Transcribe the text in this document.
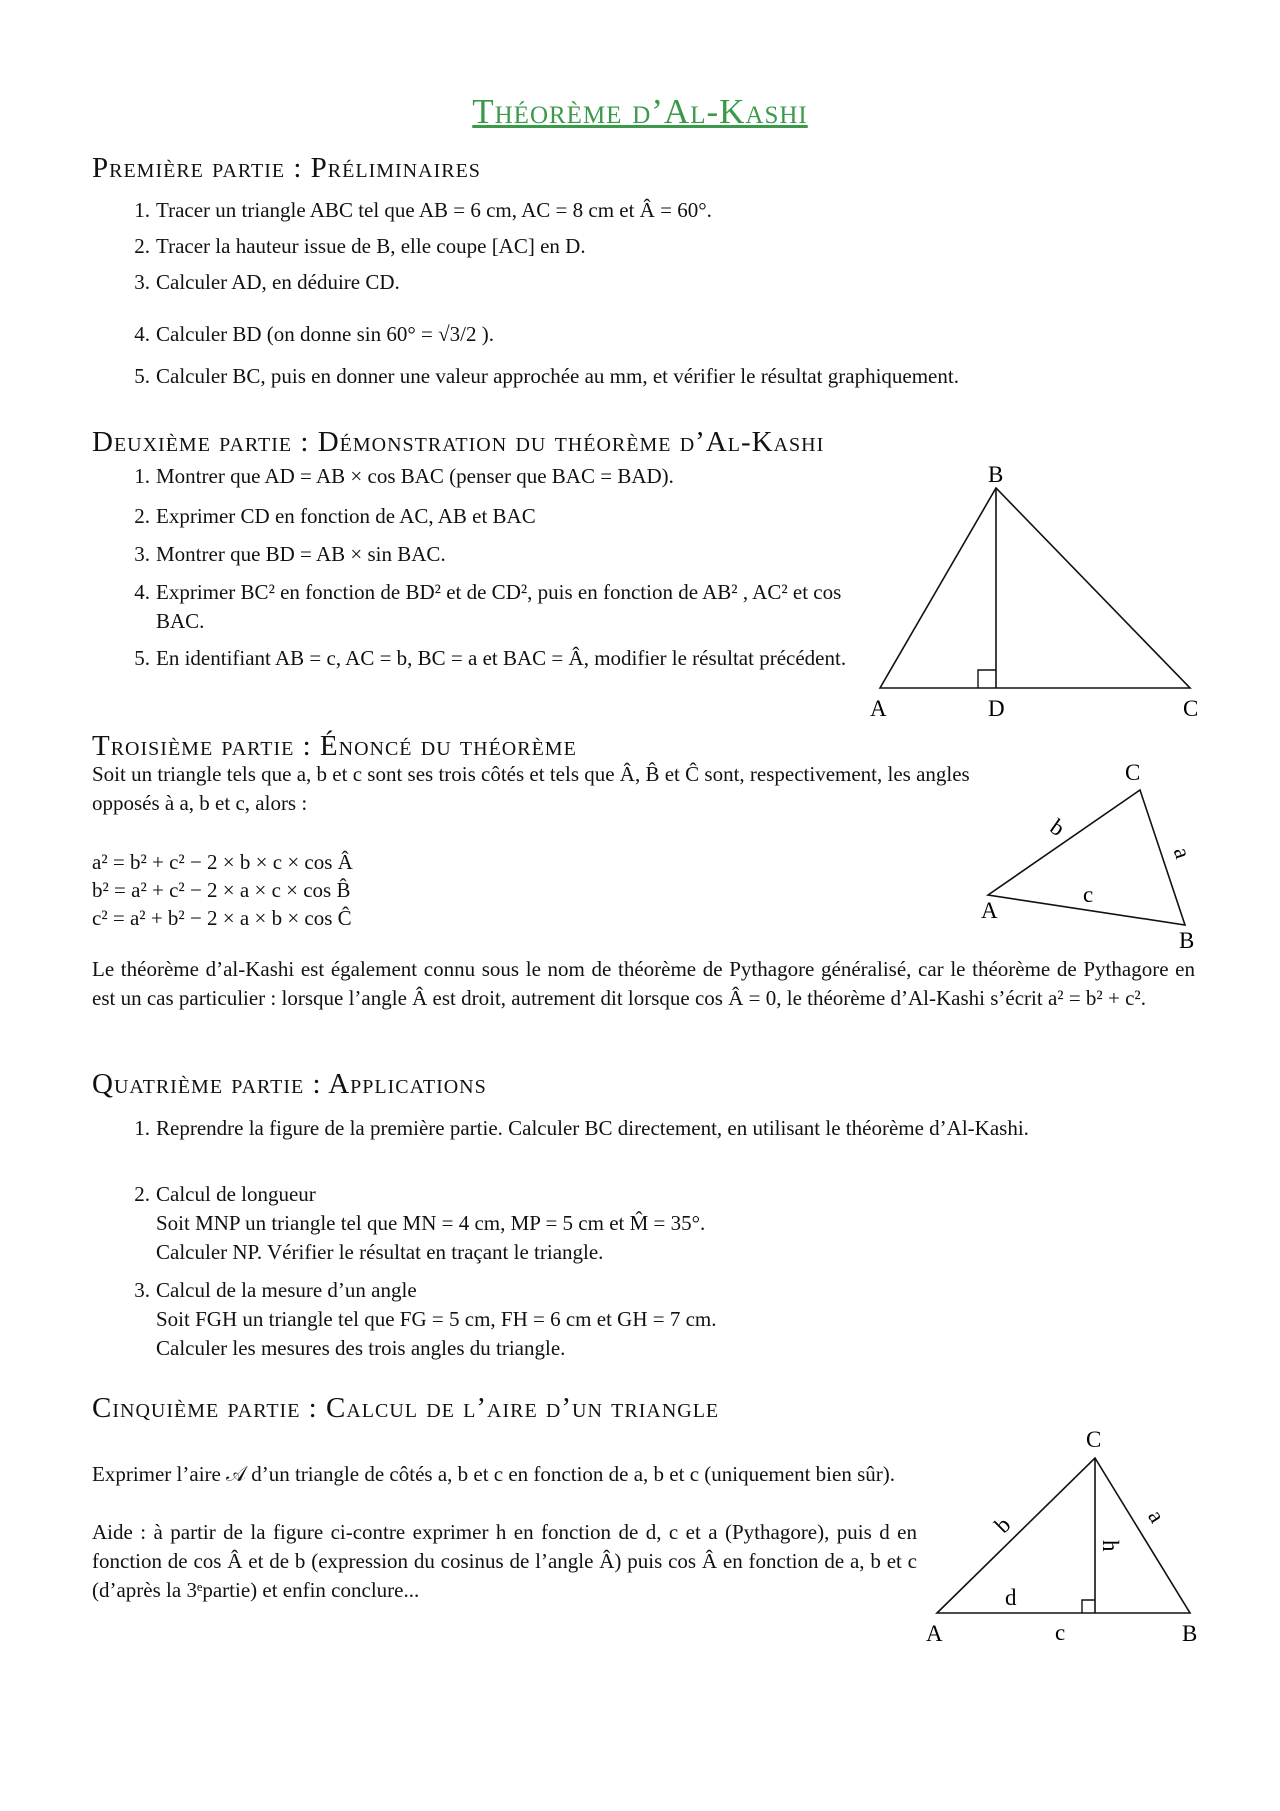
Théorème d’Al-Kashi
Première partie : Préliminaires
1. Tracer un triangle ABC tel que AB = 6 cm, AC = 8 cm et Â = 60°.
2. Tracer la hauteur issue de B, elle coupe [AC] en D.
3. Calculer AD, en déduire CD.
4. Calculer BD (on donne sin 60° = √3/2 ).
5. Calculer BC, puis en donner une valeur approchée au mm, et vérifier le résultat graphiquement.
Deuxième partie : Démonstration du théorème d’Al-Kashi
1. Montrer que AD = AB × cos BAC (penser que BAC = BAD).
2. Exprimer CD en fonction de AC, AB et BAC
3. Montrer que BD = AB × sin BAC.
4. Exprimer BC² en fonction de BD² et de CD², puis en fonction de AB² , AC² et cos BAC.
5. En identifiant AB = c, AC = b, BC = a et BAC = Â, modifier le résultat précédent.
B
A	D	C
Troisième partie : Énoncé du théorème
Soit un triangle tels que a, b et c sont ses trois côtés et tels que Â, B̂ et Ĉ sont, respectivement, les angles opposés à a, b et c, alors :
a² = b² + c² − 2 × b × c × cos Â
b² = a² + c² − 2 × a × c × cos B̂
c² = a² + b² − 2 × a × b × cos Ĉ
C
A
B
b
a
c
Le théorème d’al-Kashi est également connu sous le nom de théorème de Pythagore généralisé, car le théorème de Pythagore en est un cas particulier : lorsque l’angle Â est droit, autrement dit lorsque cos Â = 0, le théorème d’Al-Kashi s’écrit a² = b² + c².
Quatrième partie : Applications
1. Reprendre la figure de la première partie. Calculer BC directement, en utilisant le théorème d’Al-Kashi.
2. Calcul de longueur
Soit MNP un triangle tel que MN = 4 cm, MP = 5 cm et M̂ = 35°.
Calculer NP. Vérifier le résultat en traçant le triangle.
3. Calcul de la mesure d’un angle
Soit FGH un triangle tel que FG = 5 cm, FH = 6 cm et GH = 7 cm.
Calculer les mesures des trois angles du triangle.
Cinquième partie : Calcul de l’aire d’un triangle
Exprimer l’aire 𝒜 d’un triangle de côtés a, b et c en fonction de a, b et c (uniquement bien sûr).
Aide : à partir de la figure ci-contre exprimer h en fonction de d, c et a (Pythagore), puis d en fonction de cos Â et de b (expression du cosinus de l’angle Â) puis cos Â en fonction de a, b et c (d’après la 3ᵉpartie) et enfin conclure...
C
A	B
b	a
h
d
c
